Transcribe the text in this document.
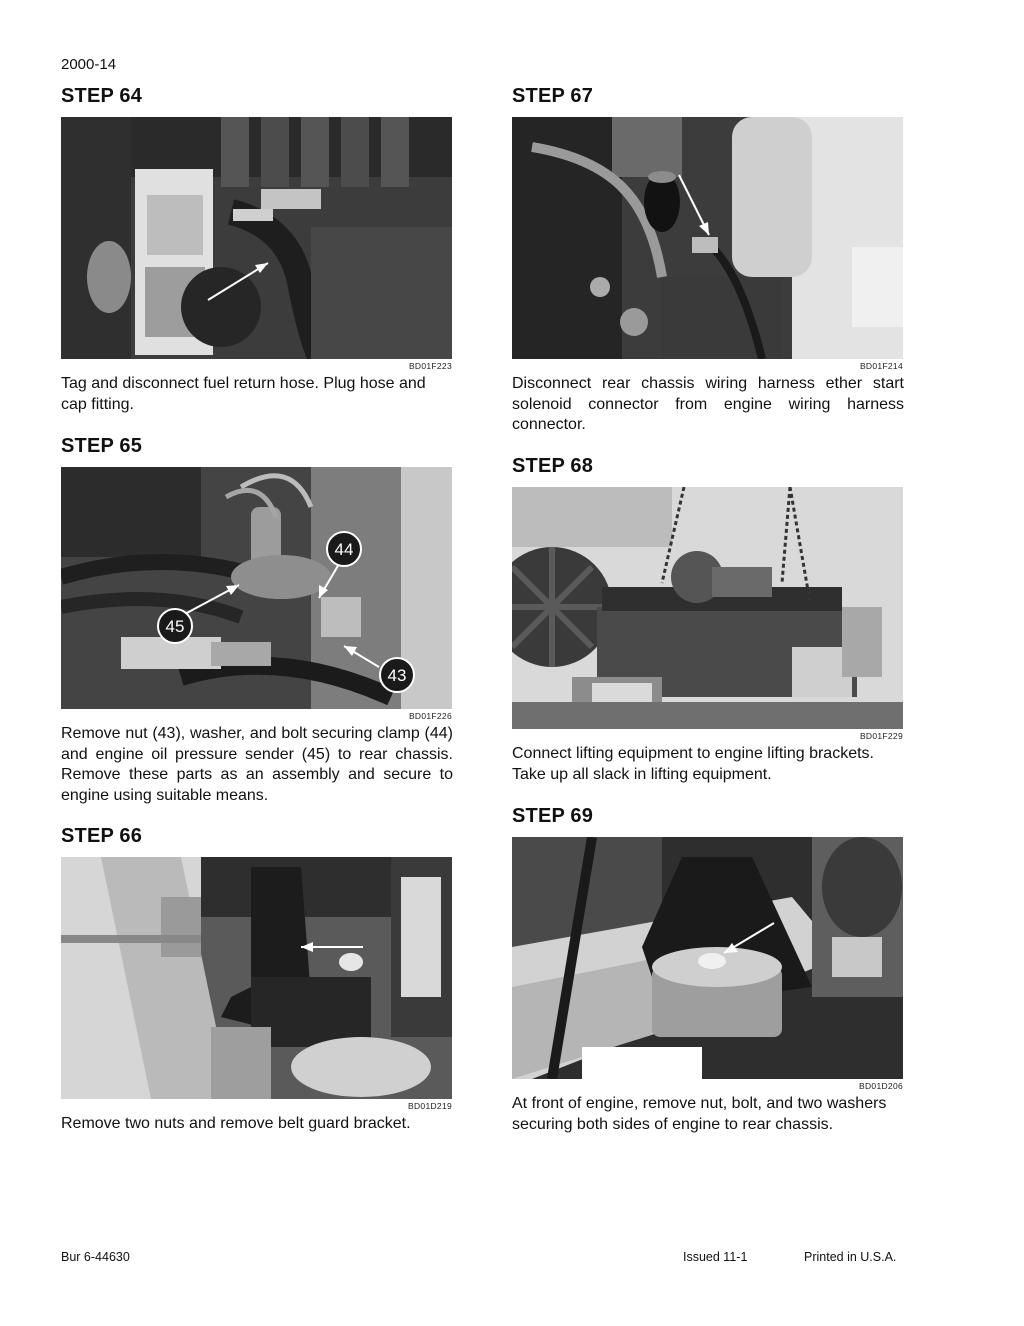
2000-14
STEP 64
BD01F223
Tag and disconnect fuel return hose. Plug hose and cap fitting.
STEP 65
44
45
43
BD01F226
Remove nut (43), washer, and bolt securing clamp (44) and engine oil pressure sender (45) to rear chassis. Remove these parts as an assembly and secure to engine using suitable means.
STEP 66
BD01D219
Remove two nuts and remove belt guard bracket.
STEP 67
BD01F214
Disconnect rear chassis wiring harness ether start solenoid connector from engine wiring harness connector.
STEP 68
BD01F229
Connect lifting equipment to engine lifting brackets. Take up all slack in lifting equipment.
STEP 69
BD01D206
At front of engine, remove nut, bolt, and two washers securing both sides of engine to rear chassis.
Bur 6-44630	Issued 11-1	Printed in U.S.A.
